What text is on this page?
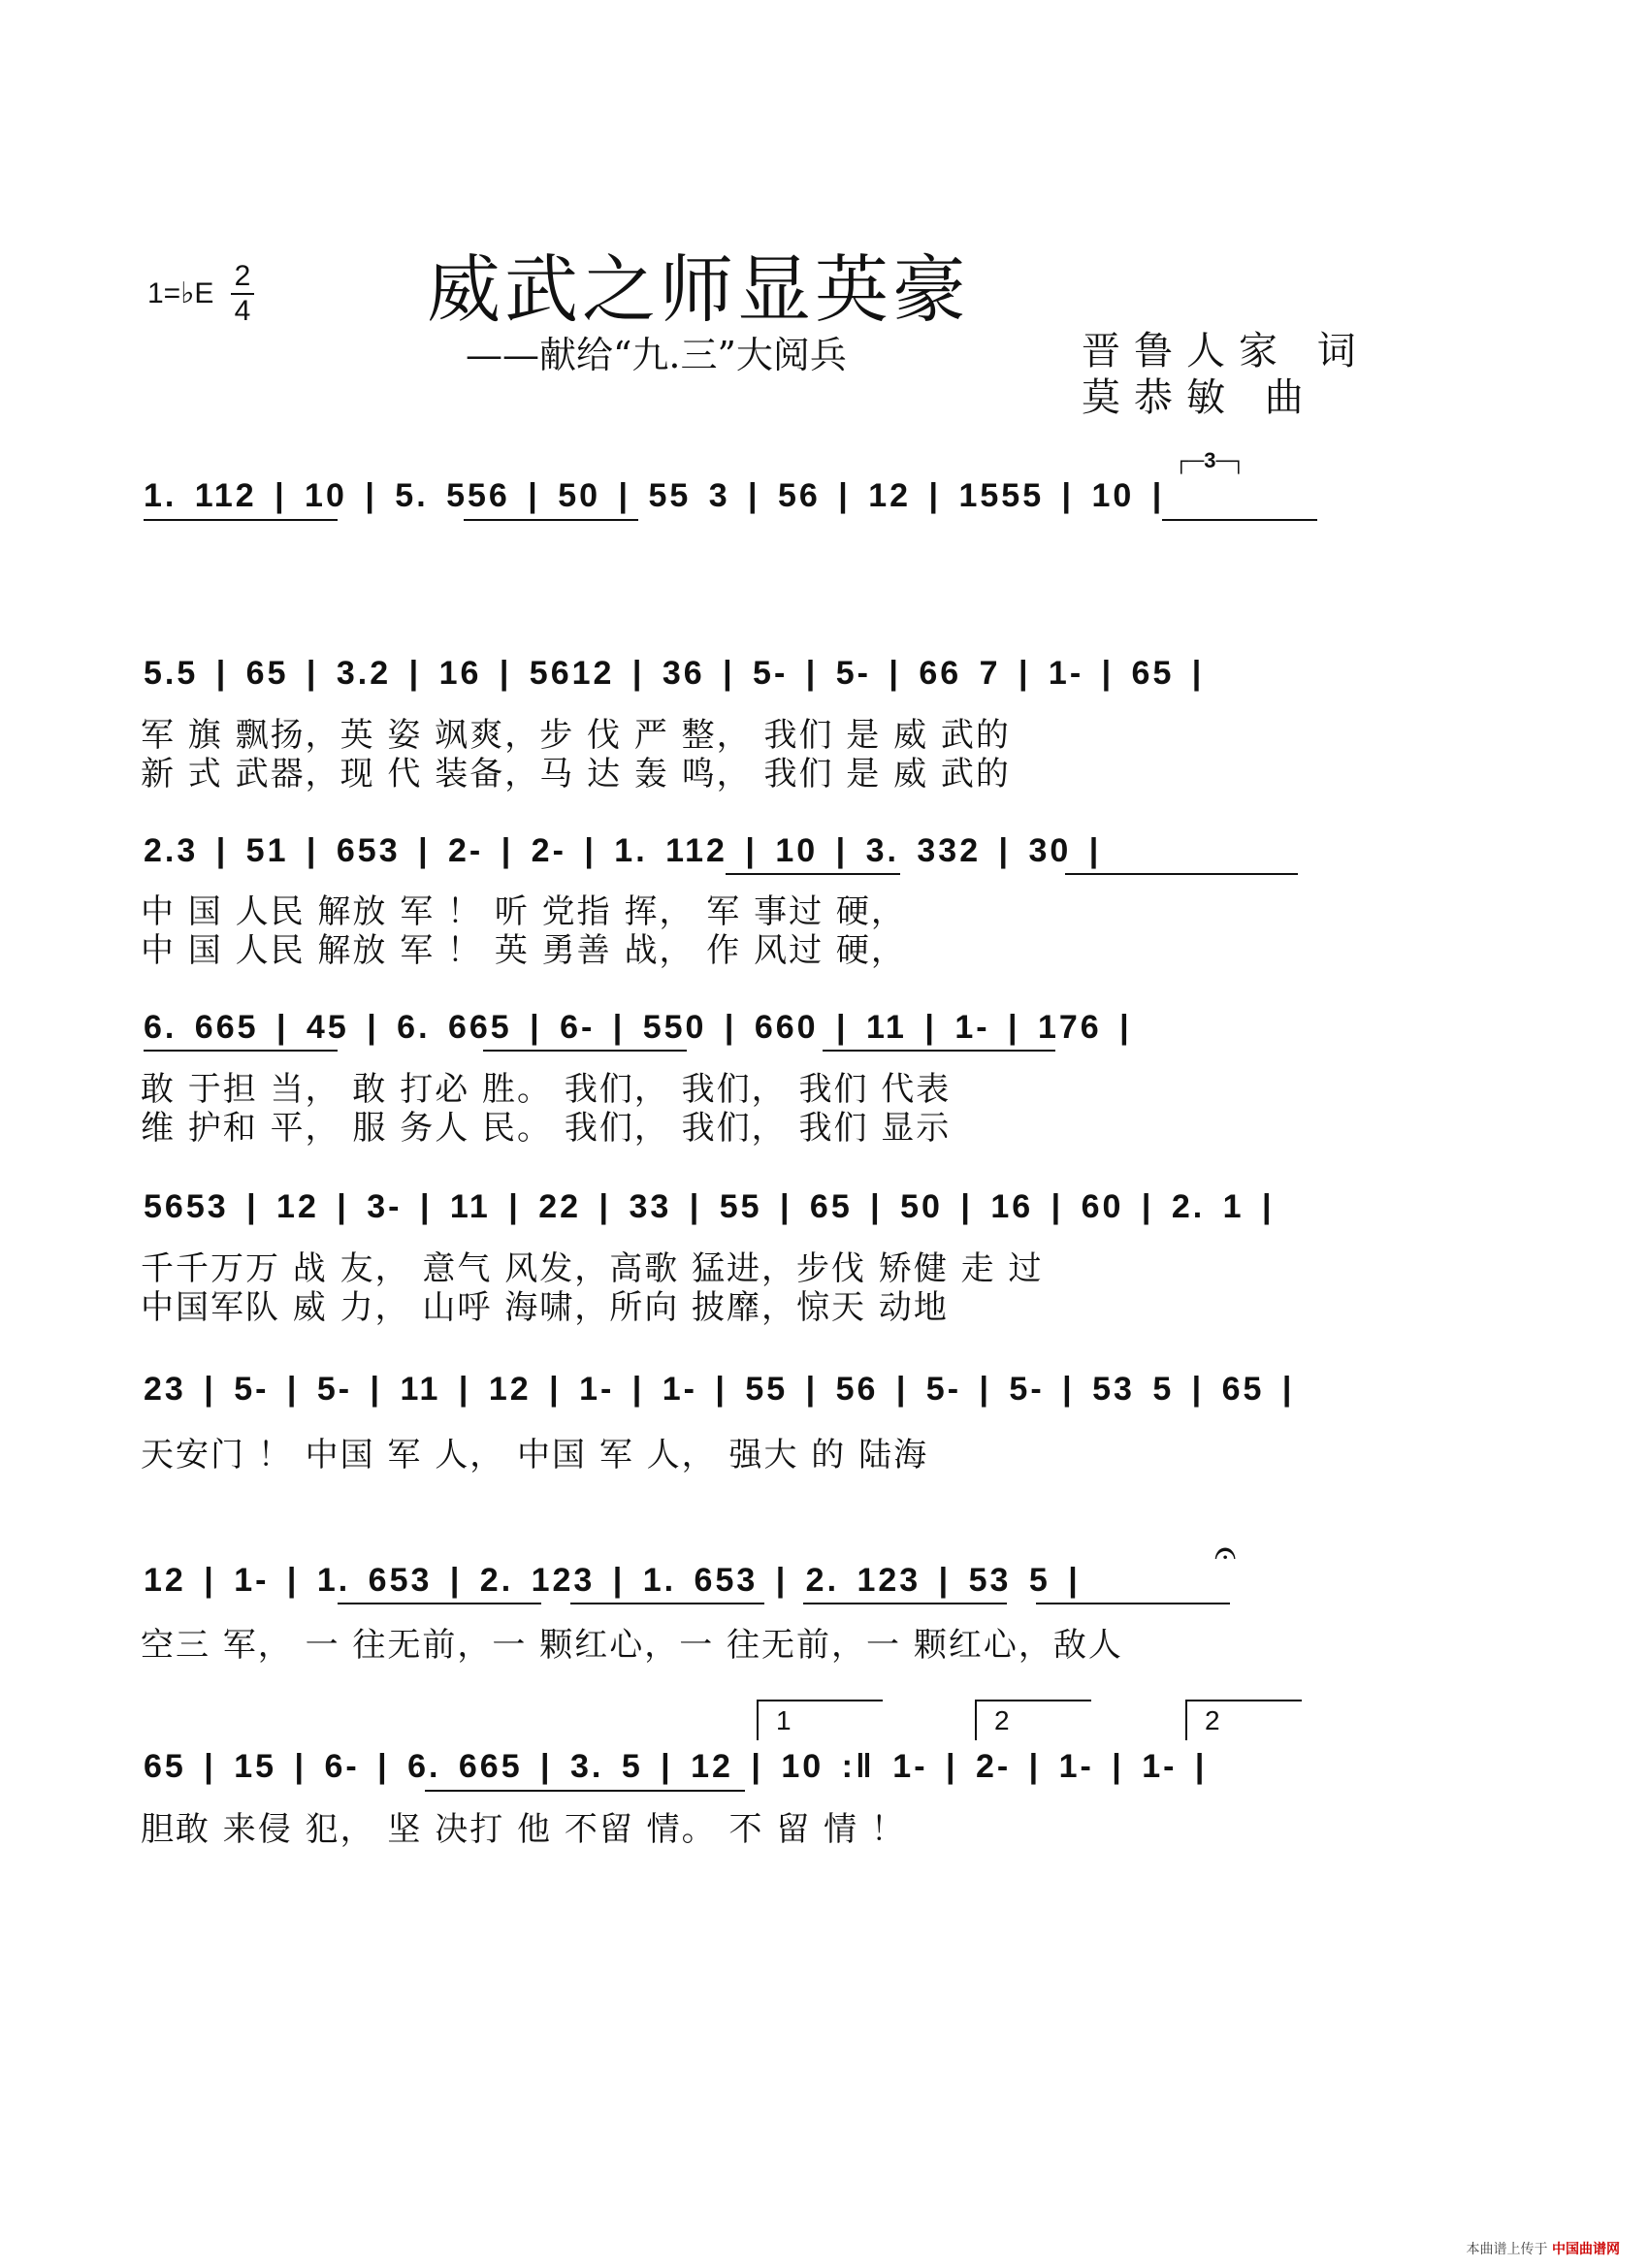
1=♭E
2
4 威武之师显英豪
——献给“九.三”大阅兵	晋鲁人家 词
莫恭敏 曲
┌─3─┐
1. 112 | 10 | 5. 556 | 50 | 55 3 | 56 | 12 | 1555 | 10 |
5.5 | 65 | 3.2 | 16 | 5612 | 36 | 5- | 5- | 66 7 | 1- | 65 |
军 旗 飘扬，英 姿 飒爽，步 伐 严 整， 我们 是 威 武的
新 式 武器，现 代 装备，马 达 轰 鸣， 我们 是 威 武的
2.3 | 51 | 653 | 2- | 2- | 1. 112 | 10 | 3. 332 | 30 |
中 国 人民 解放 军 ！ 听 党指 挥， 军 事过 硬，
中 国 人民 解放 军 ！ 英 勇善 战， 作 风过 硬，
6. 665 | 45 | 6. 665 | 6- | 550 | 660 | 11 | 1- | 176 |
敢 于担 当， 敢 打必 胜。 我们， 我们， 我们 代表
维 护和 平， 服 务人 民。 我们， 我们， 我们 显示
5653 | 12 | 3- | 11 | 22 | 33 | 55 | 65 | 50 | 16 | 60 | 2. 1 |
千千万万 战 友， 意气 风发，高歌 猛进，步伐 矫健 走 过
中国军队 威 力， 山呼 海啸，所向 披靡，惊天 动地
23 | 5- | 5- | 11 | 12 | 1- | 1- | 55 | 56 | 5- | 5- | 53 5 | 65 |
天安门 ！ 中国 军 人， 中国 军 人， 强大 的 陆海
𝄐
12 | 1- | 1. 653 | 2. 123 | 1. 653 | 2. 123 | 53 5 |
空三 军， 一 往无前，一 颗红心，一 往无前，一 颗红心，敌人
1	2	2
65 | 15 | 6- | 6. 665 | 3. 5 | 12 | 10 :‖ 1- | 2- | 1- | 1- |
胆敢 来侵 犯， 坚 决打 他 不留 情。 不 留 情 ！
本曲谱上传于 中国曲谱网
